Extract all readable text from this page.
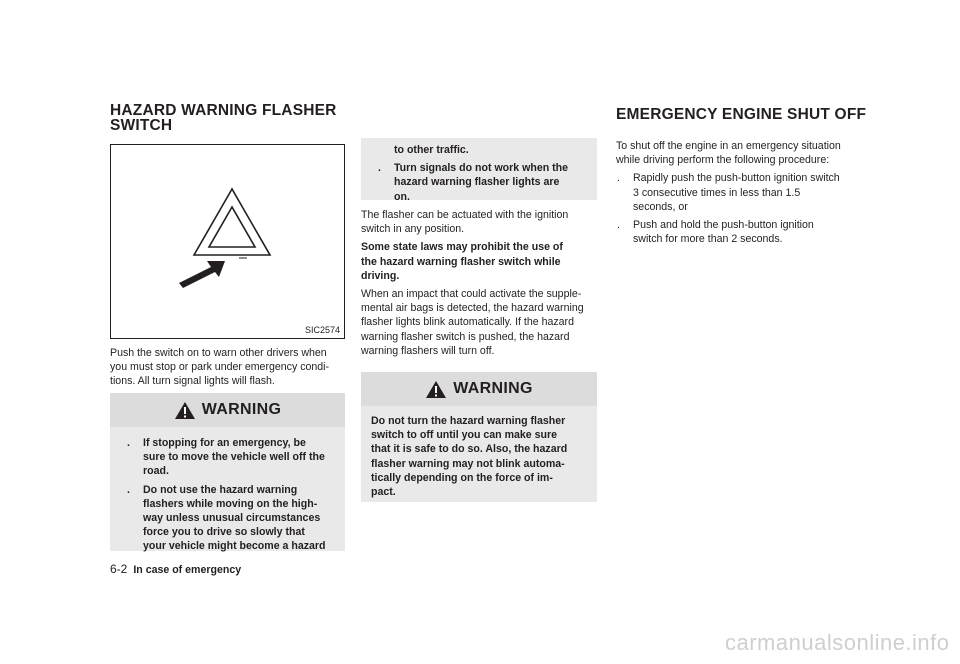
HAZARD WARNING FLASHER
SWITCH
SIC2574
Push the switch on to warn other drivers when
you must stop or park under emergency condi-
tions. All turn signal lights will flash.
WARNING
. If stopping for an emergency, be
sure to move the vehicle well off the
road.
. Do not use the hazard warning
flashers while moving on the high-
way unless unusual circumstances
force you to drive so slowly that
your vehicle might become a hazard
to other traffic.
. Turn signals do not work when the
hazard warning flasher lights are
on.
The flasher can be actuated with the ignition
switch in any position.
Some state laws may prohibit the use of
the hazard warning flasher switch while
driving.
When an impact that could activate the supple-
mental air bags is detected, the hazard warning
flasher lights blink automatically. If the hazard
warning flasher switch is pushed, the hazard
warning flashers will turn off.
WARNING
Do not turn the hazard warning flasher
switch to off until you can make sure
that it is safe to do so. Also, the hazard
flasher warning may not blink automa-
tically depending on the force of im-
pact.
EMERGENCY ENGINE SHUT OFF
To shut off the engine in an emergency situation
while driving perform the following procedure:
. Rapidly push the push-button ignition switch
3 consecutive times in less than 1.5
seconds, or
. Push and hold the push-button ignition
switch for more than 2 seconds.
6-2 In case of emergency
carmanualsonline.info
